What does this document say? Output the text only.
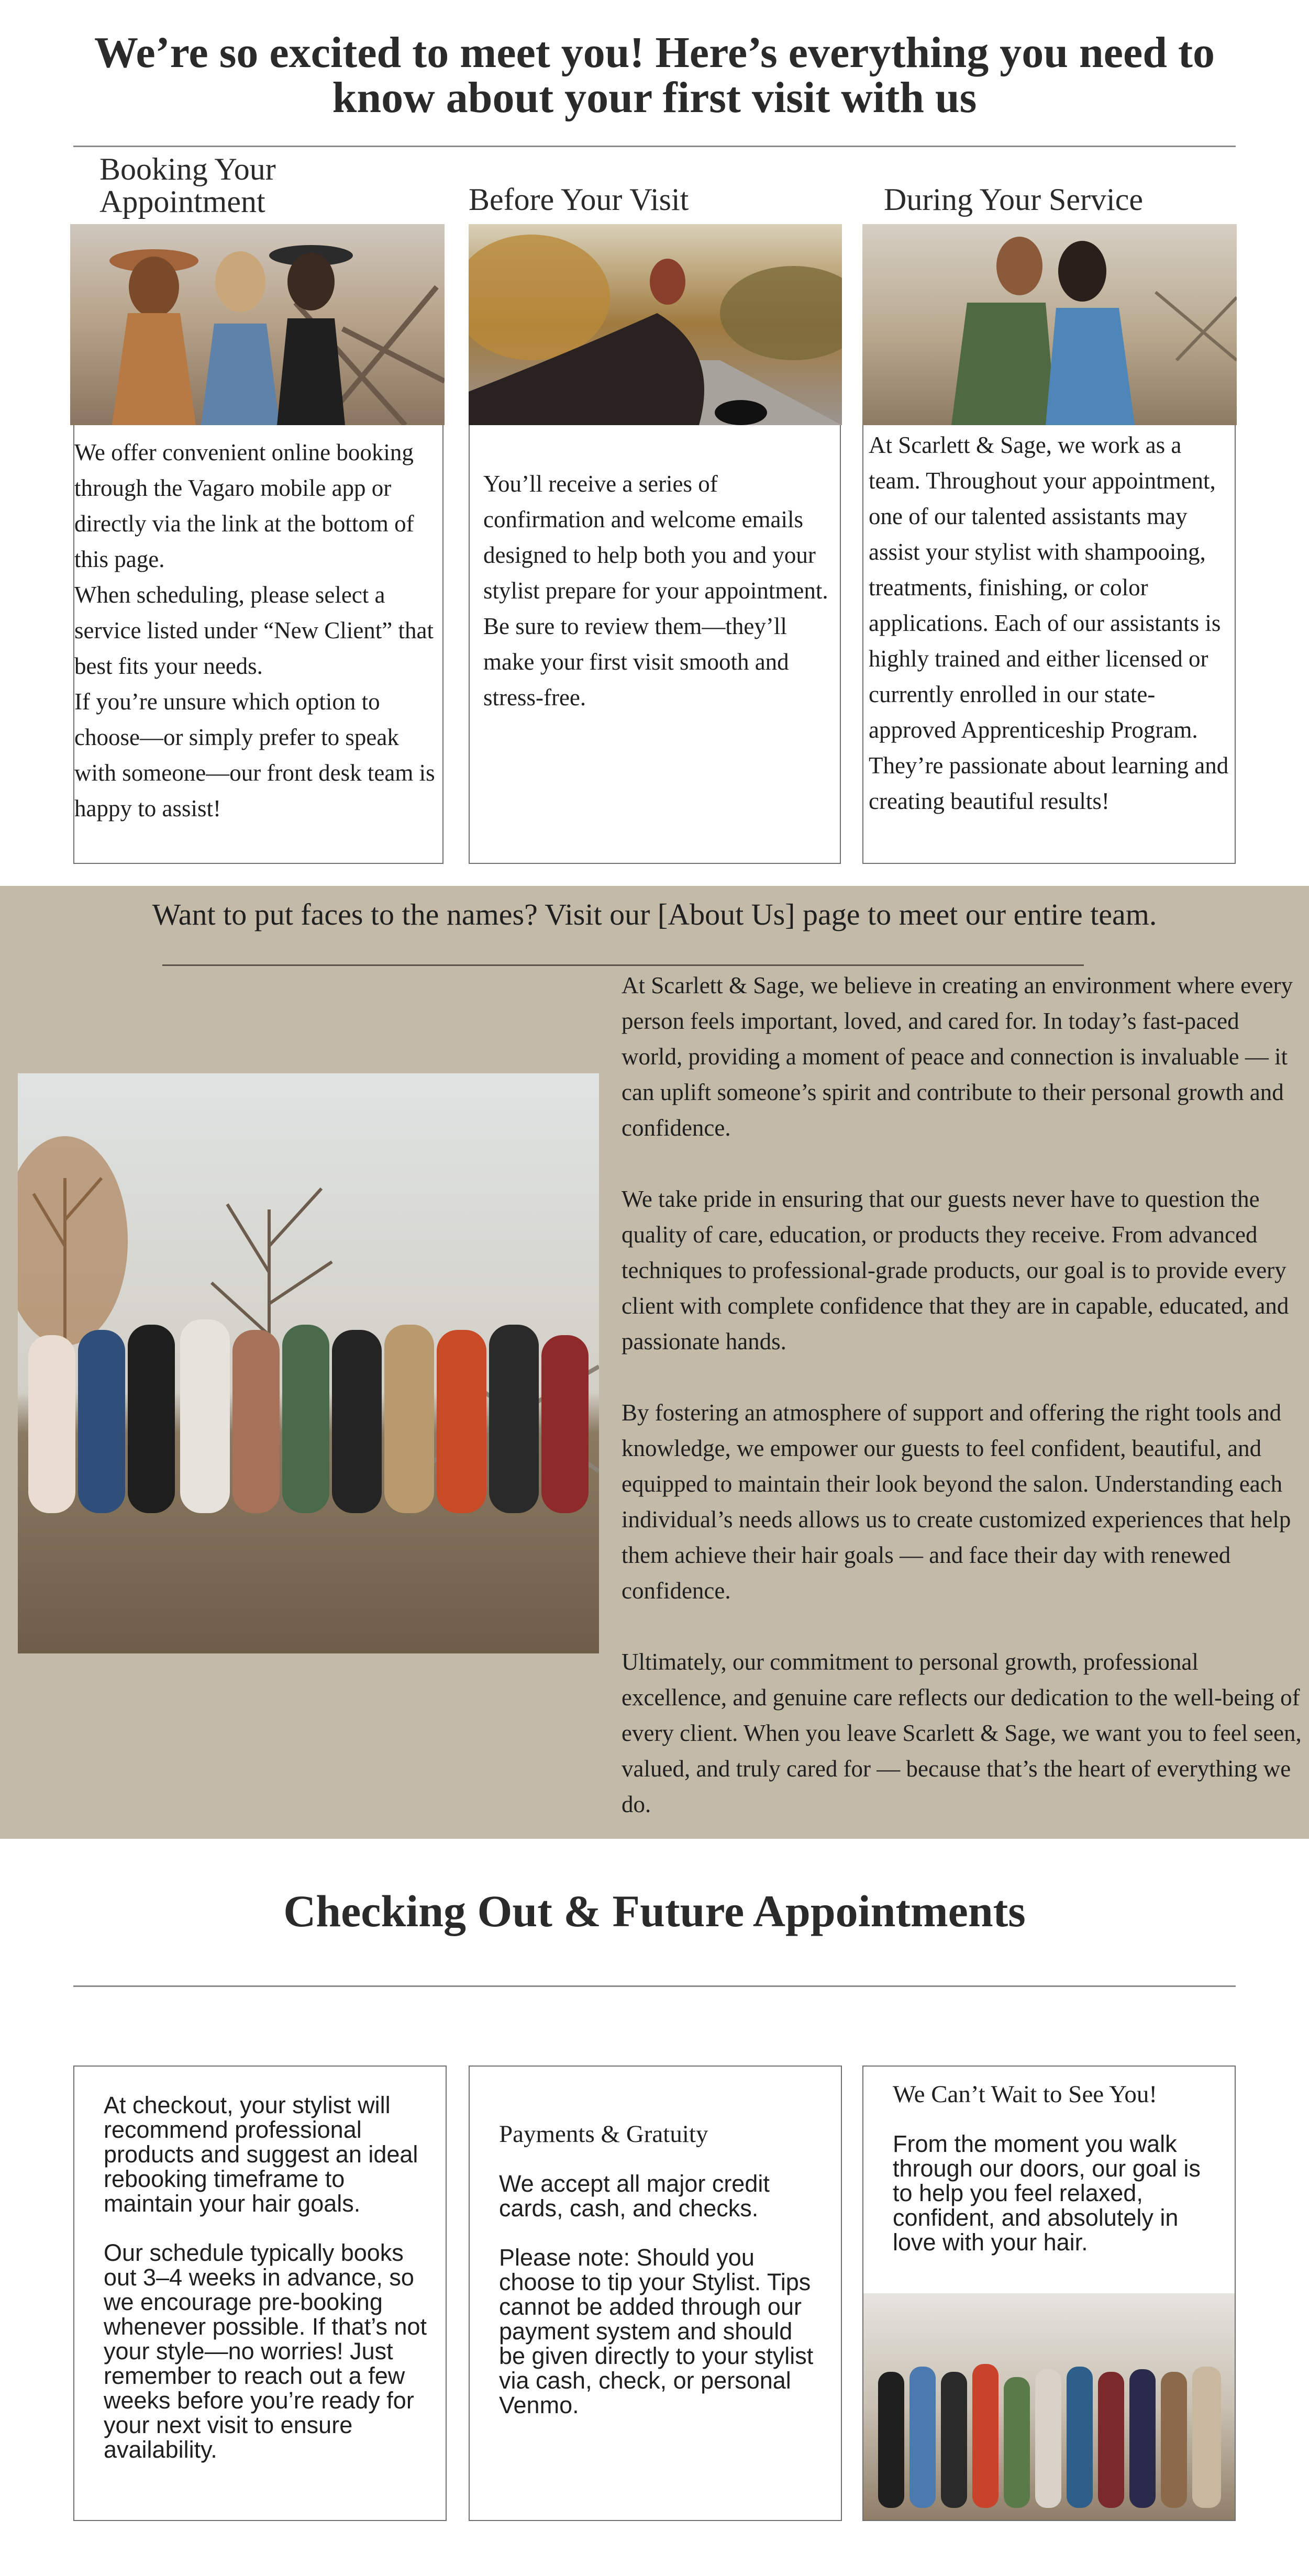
We’re so excited to meet you! Here’s everything you need to know about your first visit with us
Booking Your
Appointment	Before Your Visit	During Your Service
We offer convenient online booking through the Vagaro mobile app or directly via the link at the bottom of this page.
When scheduling, please select a service listed under “New Client” that best fits your needs.
If you’re unsure which option to choose—or simply prefer to speak with someone—our front desk team is happy to assist!
You’ll receive a series of confirmation and welcome emails designed to help both you and your stylist prepare for your appointment. Be sure to review them—they’ll make your first visit smooth and stress-free.
At Scarlett & Sage, we work as a team. Throughout your appointment, one of our talented assistants may assist your stylist with shampooing, treatments, finishing, or color applications. Each of our assistants is highly trained and either licensed or currently enrolled in our state-approved Apprenticeship Program. They’re passionate about learning and creating beautiful results!
Want to put faces to the names? Visit our [About Us] page to meet our entire team.

At Scarlett & Sage, we believe in creating an environment where every person feels important, loved, and cared for. In today’s fast-paced world, providing a moment of peace and connection is invaluable — it can uplift someone’s spirit and contribute to their personal growth and confidence.

We take pride in ensuring that our guests never have to question the quality of care, education, or products they receive. From advanced techniques to professional-grade products, our goal is to provide every client with complete confidence that they are in capable, educated, and passionate hands.

By fostering an atmosphere of support and offering the right tools and knowledge, we empower our guests to feel confident, beautiful, and equipped to maintain their look beyond the salon. Understanding each individual’s needs allows us to create customized experiences that help them achieve their hair goals — and face their day with renewed confidence.

Ultimately, our commitment to personal growth, professional excellence, and genuine care reflects our dedication to the well-being of every client. When you leave Scarlett & Sage, we want you to feel seen, valued, and truly cared for — because that’s the heart of everything we do.

Checking Out & Future Appointments

At checkout, your stylist will recommend professional products and suggest an ideal rebooking timeframe to maintain your hair goals.

Our schedule typically books out 3–4 weeks in advance, so we encourage pre-booking whenever possible. If that’s not your style—no worries! Just remember to reach out a few weeks before you’re ready for your next visit to ensure availability.

Payments & Gratuity

We accept all major credit cards, cash, and checks.

Please note: Should you choose to tip your Stylist. Tips cannot be added through our payment system and should be given directly to your stylist via cash, check, or personal Venmo.

We Can’t Wait to See You!

From the moment you walk through our doors, our goal is to help you feel relaxed, confident, and absolutely in love with your hair.
